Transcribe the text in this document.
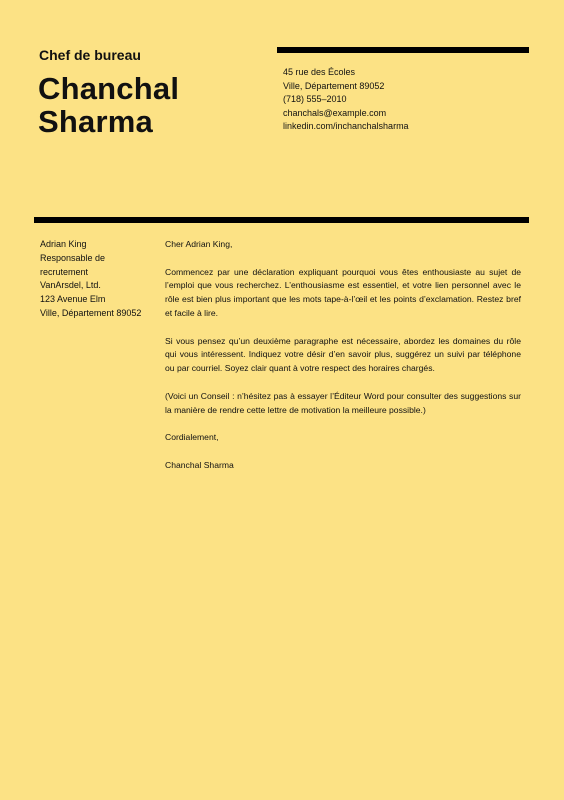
Chef de bureau
Chanchal
Sharma
45 rue des Écoles
Ville, Département 89052
(718) 555–2010
chanchals@example.com
linkedin.com/inchanchalsharma
Adrian King
Responsable de
recrutement
VanArsdel, Ltd.
123 Avenue Elm
Ville, Département 89052

Cher Adrian King,

Commencez par une déclaration expliquant pourquoi vous êtes enthousiaste au sujet de l’emploi que vous recherchez. L’enthousiasme est essentiel, et votre lien personnel avec le rôle est bien plus important que les mots tape-à-l’œil et les points d’exclamation. Restez bref et facile à lire.

Si vous pensez qu’un deuxième paragraphe est nécessaire, abordez les domaines du rôle qui vous intéressent. Indiquez votre désir d’en savoir plus, suggérez un suivi par téléphone ou par courriel. Soyez clair quant à votre respect des horaires chargés.

(Voici un Conseil : n’hésitez pas à essayer l’Éditeur Word pour consulter des suggestions sur la manière de rendre cette lettre de motivation la meilleure possible.)

Cordialement,

Chanchal Sharma
